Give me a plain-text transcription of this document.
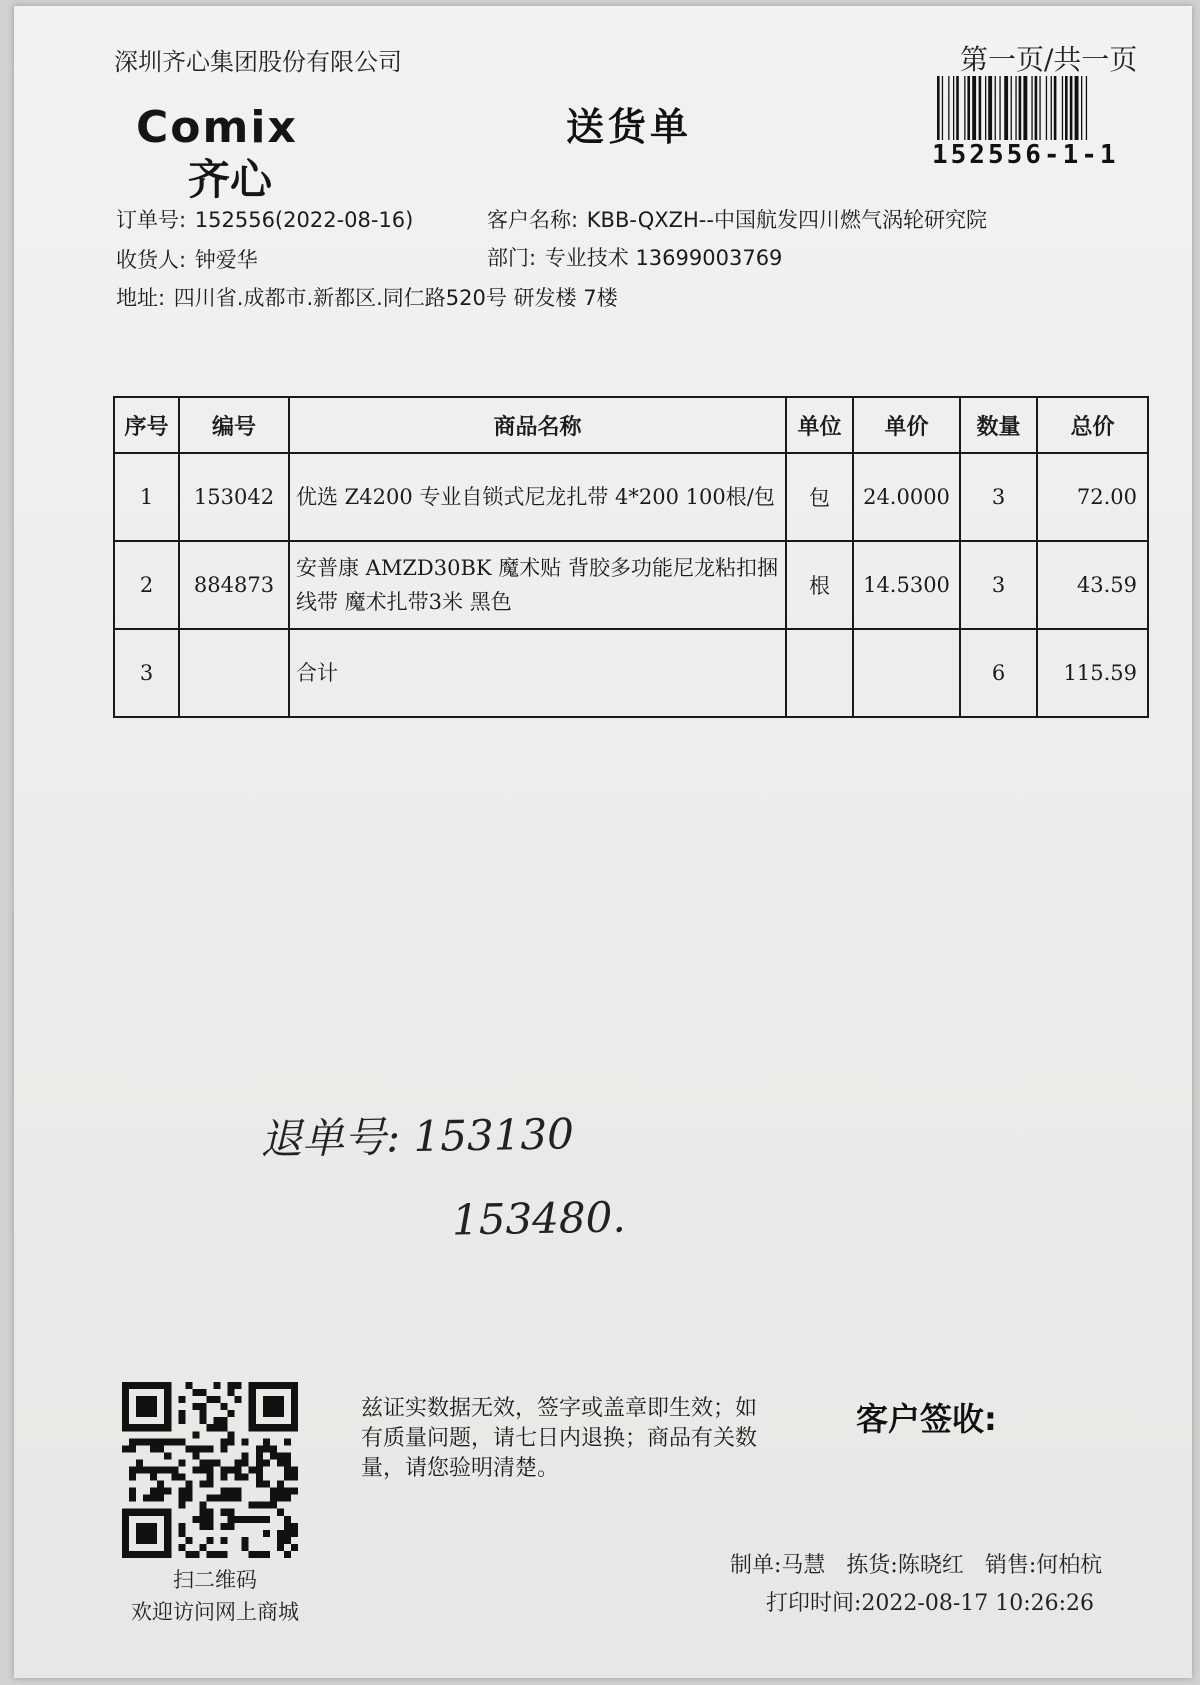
深圳齐心集团股份有限公司	第一页/共一页
Comix
齐心
送货单
152556-1-1
订单号: 152556(2022-08-16)	客户名称: KBB-QXZH--中国航发四川燃气涡轮研究院
收货人: 钟爱华	部门: 专业技术 13699003769
地址: 四川省.成都市.新都区.同仁路520号 研发楼 7楼
序号	编号	商品名称	单位	单价	数量	总价
1	153042	优选 Z4200 专业自锁式尼龙扎带 4*200 100根/包	包	24.0000	3	72.00
2	884873	安普康 AMZD30BK 魔术贴 背胶多功能尼龙粘扣捆线带 魔术扎带3米 黑色	根	14.5300	3	43.59
3		合计			6	115.59
退单号: 153130
153480.
扫二维码
欢迎访问网上商城
兹证实数据无效，签字或盖章即生效；如有质量问题，请七日内退换；商品有关数量，请您验明清楚。
客户签收:
制单:马慧 拣货:陈晓红 销售:何柏杭
打印时间:2022-08-17 10:26:26
